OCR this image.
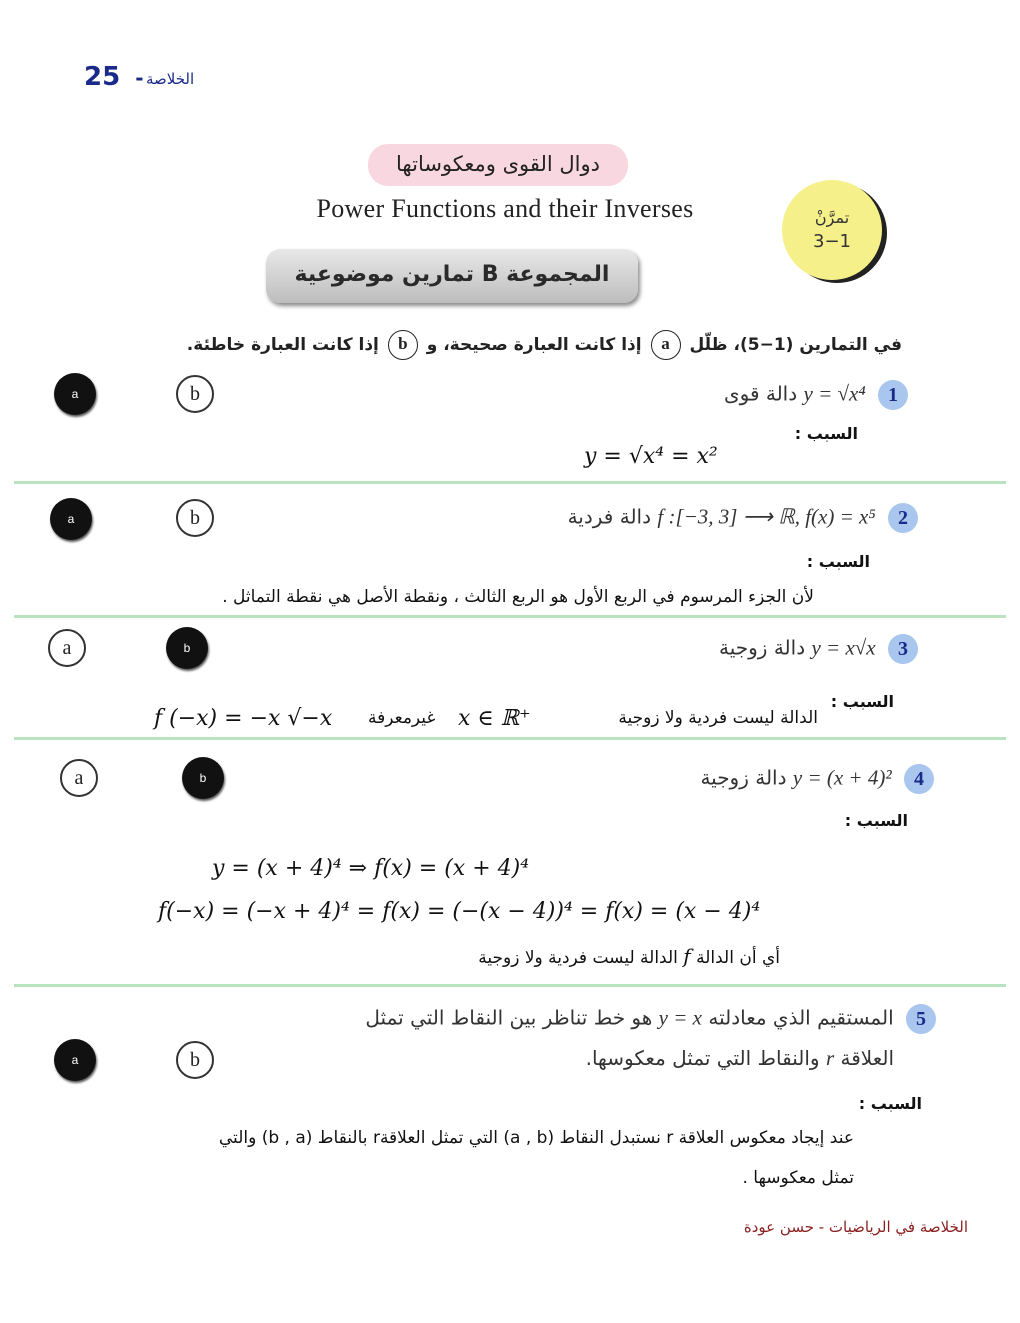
25 - الخلاصة
دوال القوى ومعكوساتها
Power Functions and their Inverses
المجموعة B تمارين موضوعية
تمرَّنْ
3−1
في التمارين (1−5)، ظلّل a إذا كانت العبارة صحيحة، و b إذا كانت العبارة خاطئة.
a	b	1 y = √x⁴ دالة قوى
السبب :
y = √x⁴ = x²
a	b	2 f :[−3, 3] ⟶ ℝ, f(x) = x⁵ دالة فردية
السبب :
لأن الجزء المرسوم في الربع الأول هو الربع الثالث ، ونقطة الأصل هي نقطة التماثل .
a	b	3 y = x√x دالة زوجية
السبب :
الدالة ليست فردية ولا زوجية
f (−x) = −x √−x غيرمعرفة x ∈ ℝ⁺
a	b	4 y = (x + 4)² دالة زوجية
السبب :
y = (x + 4)⁴ ⇒ f(x) = (x + 4)⁴
f(−x) = (−x + 4)⁴ = f(x) = (−(x − 4))⁴ = f(x) = (x − 4)⁴
أي أن الدالة f الدالة ليست فردية ولا زوجية
a	b
5 المستقيم الذي معادلته y = x هو خط تناظر بين النقاط التي تمثل
العلاقة r والنقاط التي تمثل معكوسها.
السبب :
عند إيجاد معكوس العلاقة r نستبدل النقاط (a , b) التي تمثل العلاقةr بالنقاط (b , a) والتي
تمثل معكوسها .
الخلاصة في الرياضيات - حسن عودة
